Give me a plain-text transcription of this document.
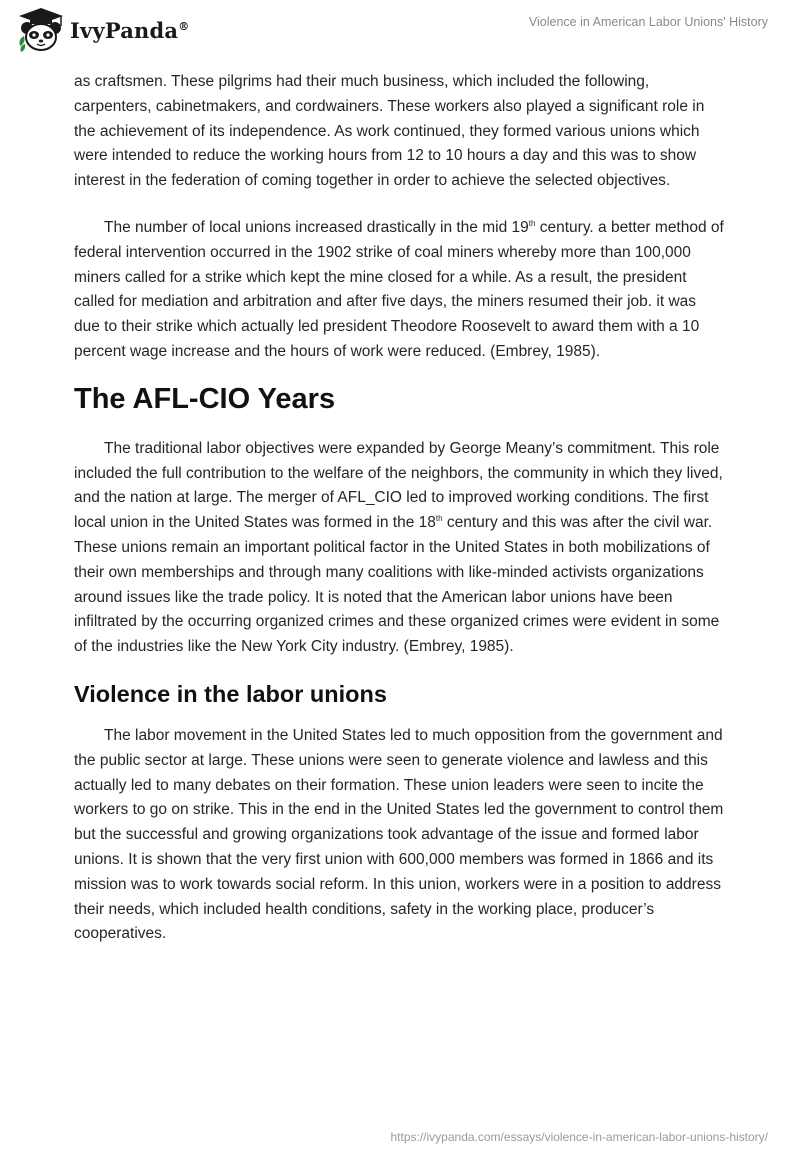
IvyPanda®	Violence in American Labor Unions' History

as craftsmen. These pilgrims had their much business, which included the following, carpenters, cabinetmakers, and cordwainers. These workers also played a significant role in the achievement of its independence. As work continued, they formed various unions which were intended to reduce the working hours from 12 to 10 hours a day and this was to show interest in the federation of coming together in order to achieve the selected objectives.

The number of local unions increased drastically in the mid 19th century. a better method of federal intervention occurred in the 1902 strike of coal miners whereby more than 100,000 miners called for a strike which kept the mine closed for a while. As a result, the president called for mediation and arbitration and after five days, the miners resumed their job. it was due to their strike which actually led president Theodore Roosevelt to award them with a 10 percent wage increase and the hours of work were reduced. (Embrey, 1985).

The AFL-CIO Years

The traditional labor objectives were expanded by George Meany’s commitment. This role included the full contribution to the welfare of the neighbors, the community in which they lived, and the nation at large. The merger of AFL_CIO led to improved working conditions. The first local union in the United States was formed in the 18th century and this was after the civil war. These unions remain an important political factor in the United States in both mobilizations of their own memberships and through many coalitions with like-minded activists organizations around issues like the trade policy. It is noted that the American labor unions have been infiltrated by the occurring organized crimes and these organized crimes were evident in some of the industries like the New York City industry. (Embrey, 1985).

Violence in the labor unions

The labor movement in the United States led to much opposition from the government and the public sector at large. These unions were seen to generate violence and lawless and this actually led to many debates on their formation. These union leaders were seen to incite the workers to go on strike. This in the end in the United States led the government to control them but the successful and growing organizations took advantage of the issue and formed labor unions. It is shown that the very first union with 600,000 members was formed in 1866 and its mission was to work towards social reform. In this union, workers were in a position to address their needs, which included health conditions, safety in the working place, producer’s cooperatives.

https://ivypanda.com/essays/violence-in-american-labor-unions-history/
